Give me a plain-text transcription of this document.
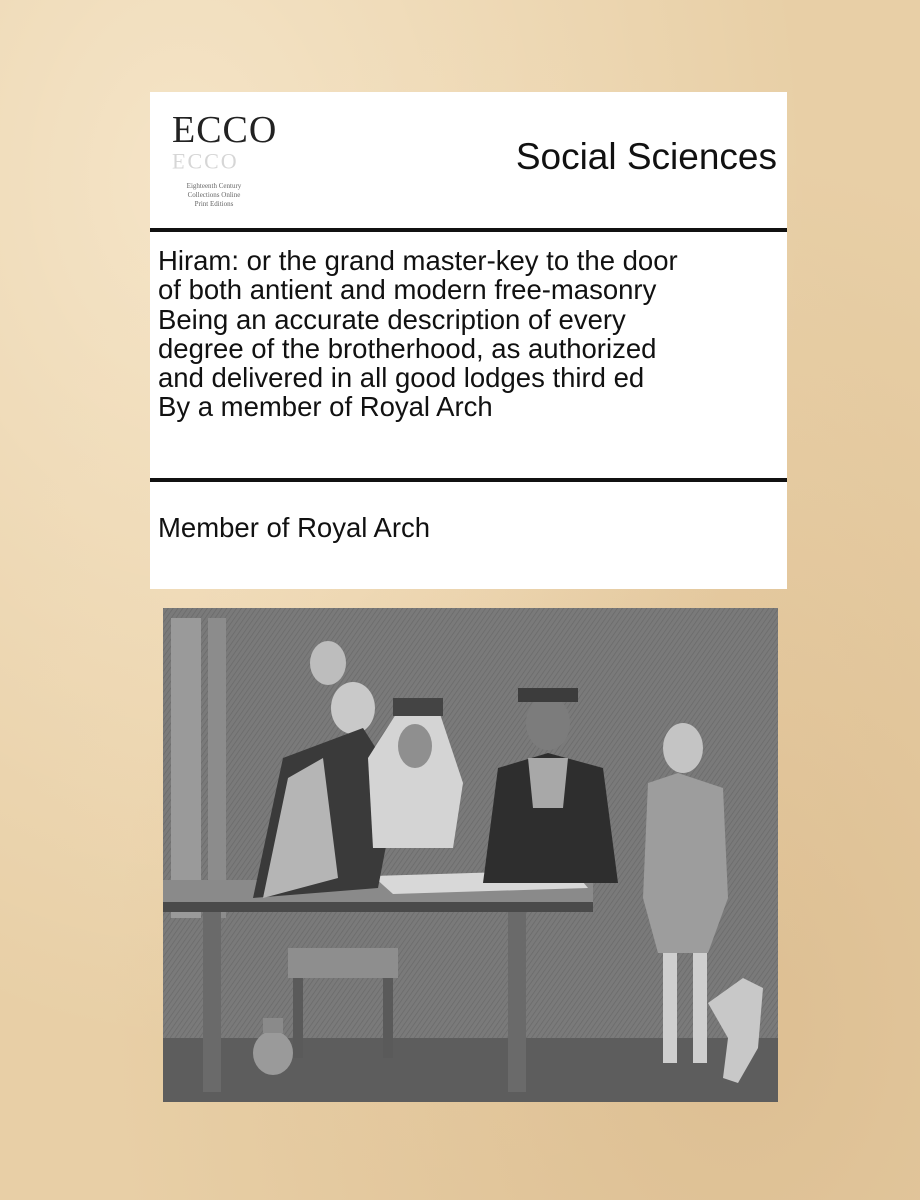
ECCO
ECCO
Eighteenth Century
Collections Online
Print Editions
Social Sciences
Hiram: or the grand master-key to the door
of both antient and modern free-masonry
Being an accurate description of every
degree of the brotherhood, as authorized
and delivered in all good lodges third ed
By a member of Royal Arch
Member of Royal Arch
